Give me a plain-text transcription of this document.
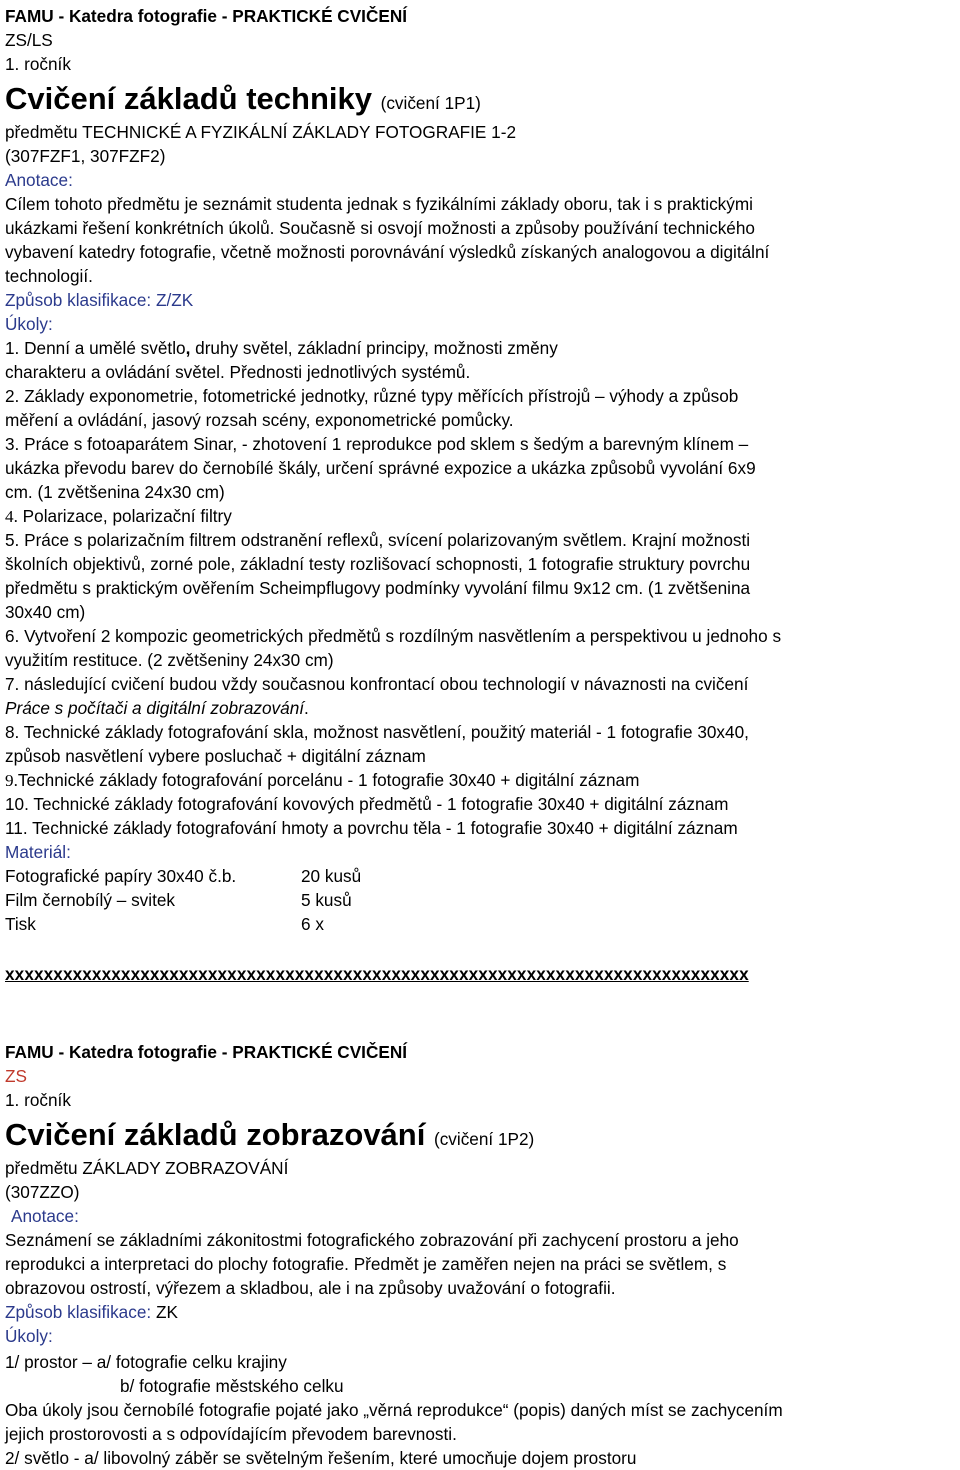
FAMU - Katedra fotografie - PRAKTICKÉ CVIČENÍ
ZS/LS
1. ročník
Cvičení základů techniky (cvičení 1P1)
předmětu TECHNICKÉ A FYZIKÁLNÍ ZÁKLADY FOTOGRAFIE 1-2
(307FZF1, 307FZF2)
Anotace:
Cílem tohoto předmětu je seznámit studenta jednak s fyzikálními základy oboru, tak i s praktickými
ukázkami řešení konkrétních úkolů. Současně si osvojí možnosti a způsoby používání technického
vybavení katedry fotografie, včetně možnosti porovnávání výsledků získaných analogovou a digitální
technologií.
Způsob klasifikace: Z/ZK
Úkoly:
1. Denní a umělé světlo, druhy světel, základní principy, možnosti změny
charakteru a ovládání světel. Přednosti jednotlivých systémů.
2. Základy exponometrie, fotometrické jednotky, různé typy měřících přístrojů – výhody a způsob
měření a ovládání, jasový rozsah scény, exponometrické pomůcky.
3. Práce s fotoaparátem Sinar, - zhotovení 1 reprodukce pod sklem s šedým a barevným klínem –
ukázka převodu barev do černobílé škály, určení správné expozice a ukázka způsobů vyvolání 6x9
cm. (1 zvětšenina 24x30 cm)
4. Polarizace, polarizační filtry
5. Práce s polarizačním filtrem odstranění reflexů, svícení polarizovaným světlem. Krajní možnosti
školních objektivů, zorné pole, základní testy rozlišovací schopnosti, 1 fotografie struktury povrchu
předmětu s praktickým ověřením Scheimpflugovy podmínky vyvolání filmu 9x12 cm. (1 zvětšenina
30x40 cm)
6. Vytvoření 2 kompozic geometrických předmětů s rozdílným nasvětlením a perspektivou u jednoho s
využitím restituce. (2 zvětšeniny 24x30 cm)
7. následující cvičení budou vždy současnou konfrontací obou technologií v návaznosti na cvičení
Práce s počítači a digitální zobrazování.
8. Technické základy fotografování skla, možnost nasvětlení, použitý materiál - 1 fotografie 30x40,
způsob nasvětlení vybere posluchač + digitální záznam
9.Technické základy fotografování porcelánu - 1 fotografie 30x40 + digitální záznam
10. Technické základy fotografování kovových předmětů - 1 fotografie 30x40 + digitální záznam
11. Technické základy fotografování hmoty a povrchu těla - 1 fotografie 30x40 + digitální záznam
Materiál:
Fotografické papíry 30x40 č.b.	20 kusů
Film černobílý – svitek	5 kusů
Tisk	6 x
xxxxxxxxxxxxxxxxxxxxxxxxxxxxxxxxxxxxxxxxxxxxxxxxxxxxxxxxxxxxxxxxxxxxxxxxxxxxx
FAMU - Katedra fotografie - PRAKTICKÉ CVIČENÍ
ZS
1. ročník
Cvičení základů zobrazování (cvičení 1P2)
předmětu ZÁKLADY ZOBRAZOVÁNÍ
(307ZZO)
Anotace:
Seznámení se základními zákonitostmi fotografického zobrazování při zachycení prostoru a jeho
reprodukci a interpretaci do plochy fotografie. Předmět je zaměřen nejen na práci se světlem, s
obrazovou ostrostí, výřezem a skladbou, ale i na způsoby uvažování o fotografii.
Způsob klasifikace: ZK
Úkoly:
1/ prostor – a/ fotografie celku krajiny
b/ fotografie městského celku
Oba úkoly jsou černobílé fotografie pojaté jako „věrná reprodukce“ (popis) daných míst se zachycením
jejich prostorovosti a s odpovídajícím převodem barevnosti.
2/ světlo - a/ libovolný záběr se světelným řešením, které umocňuje dojem prostoru
